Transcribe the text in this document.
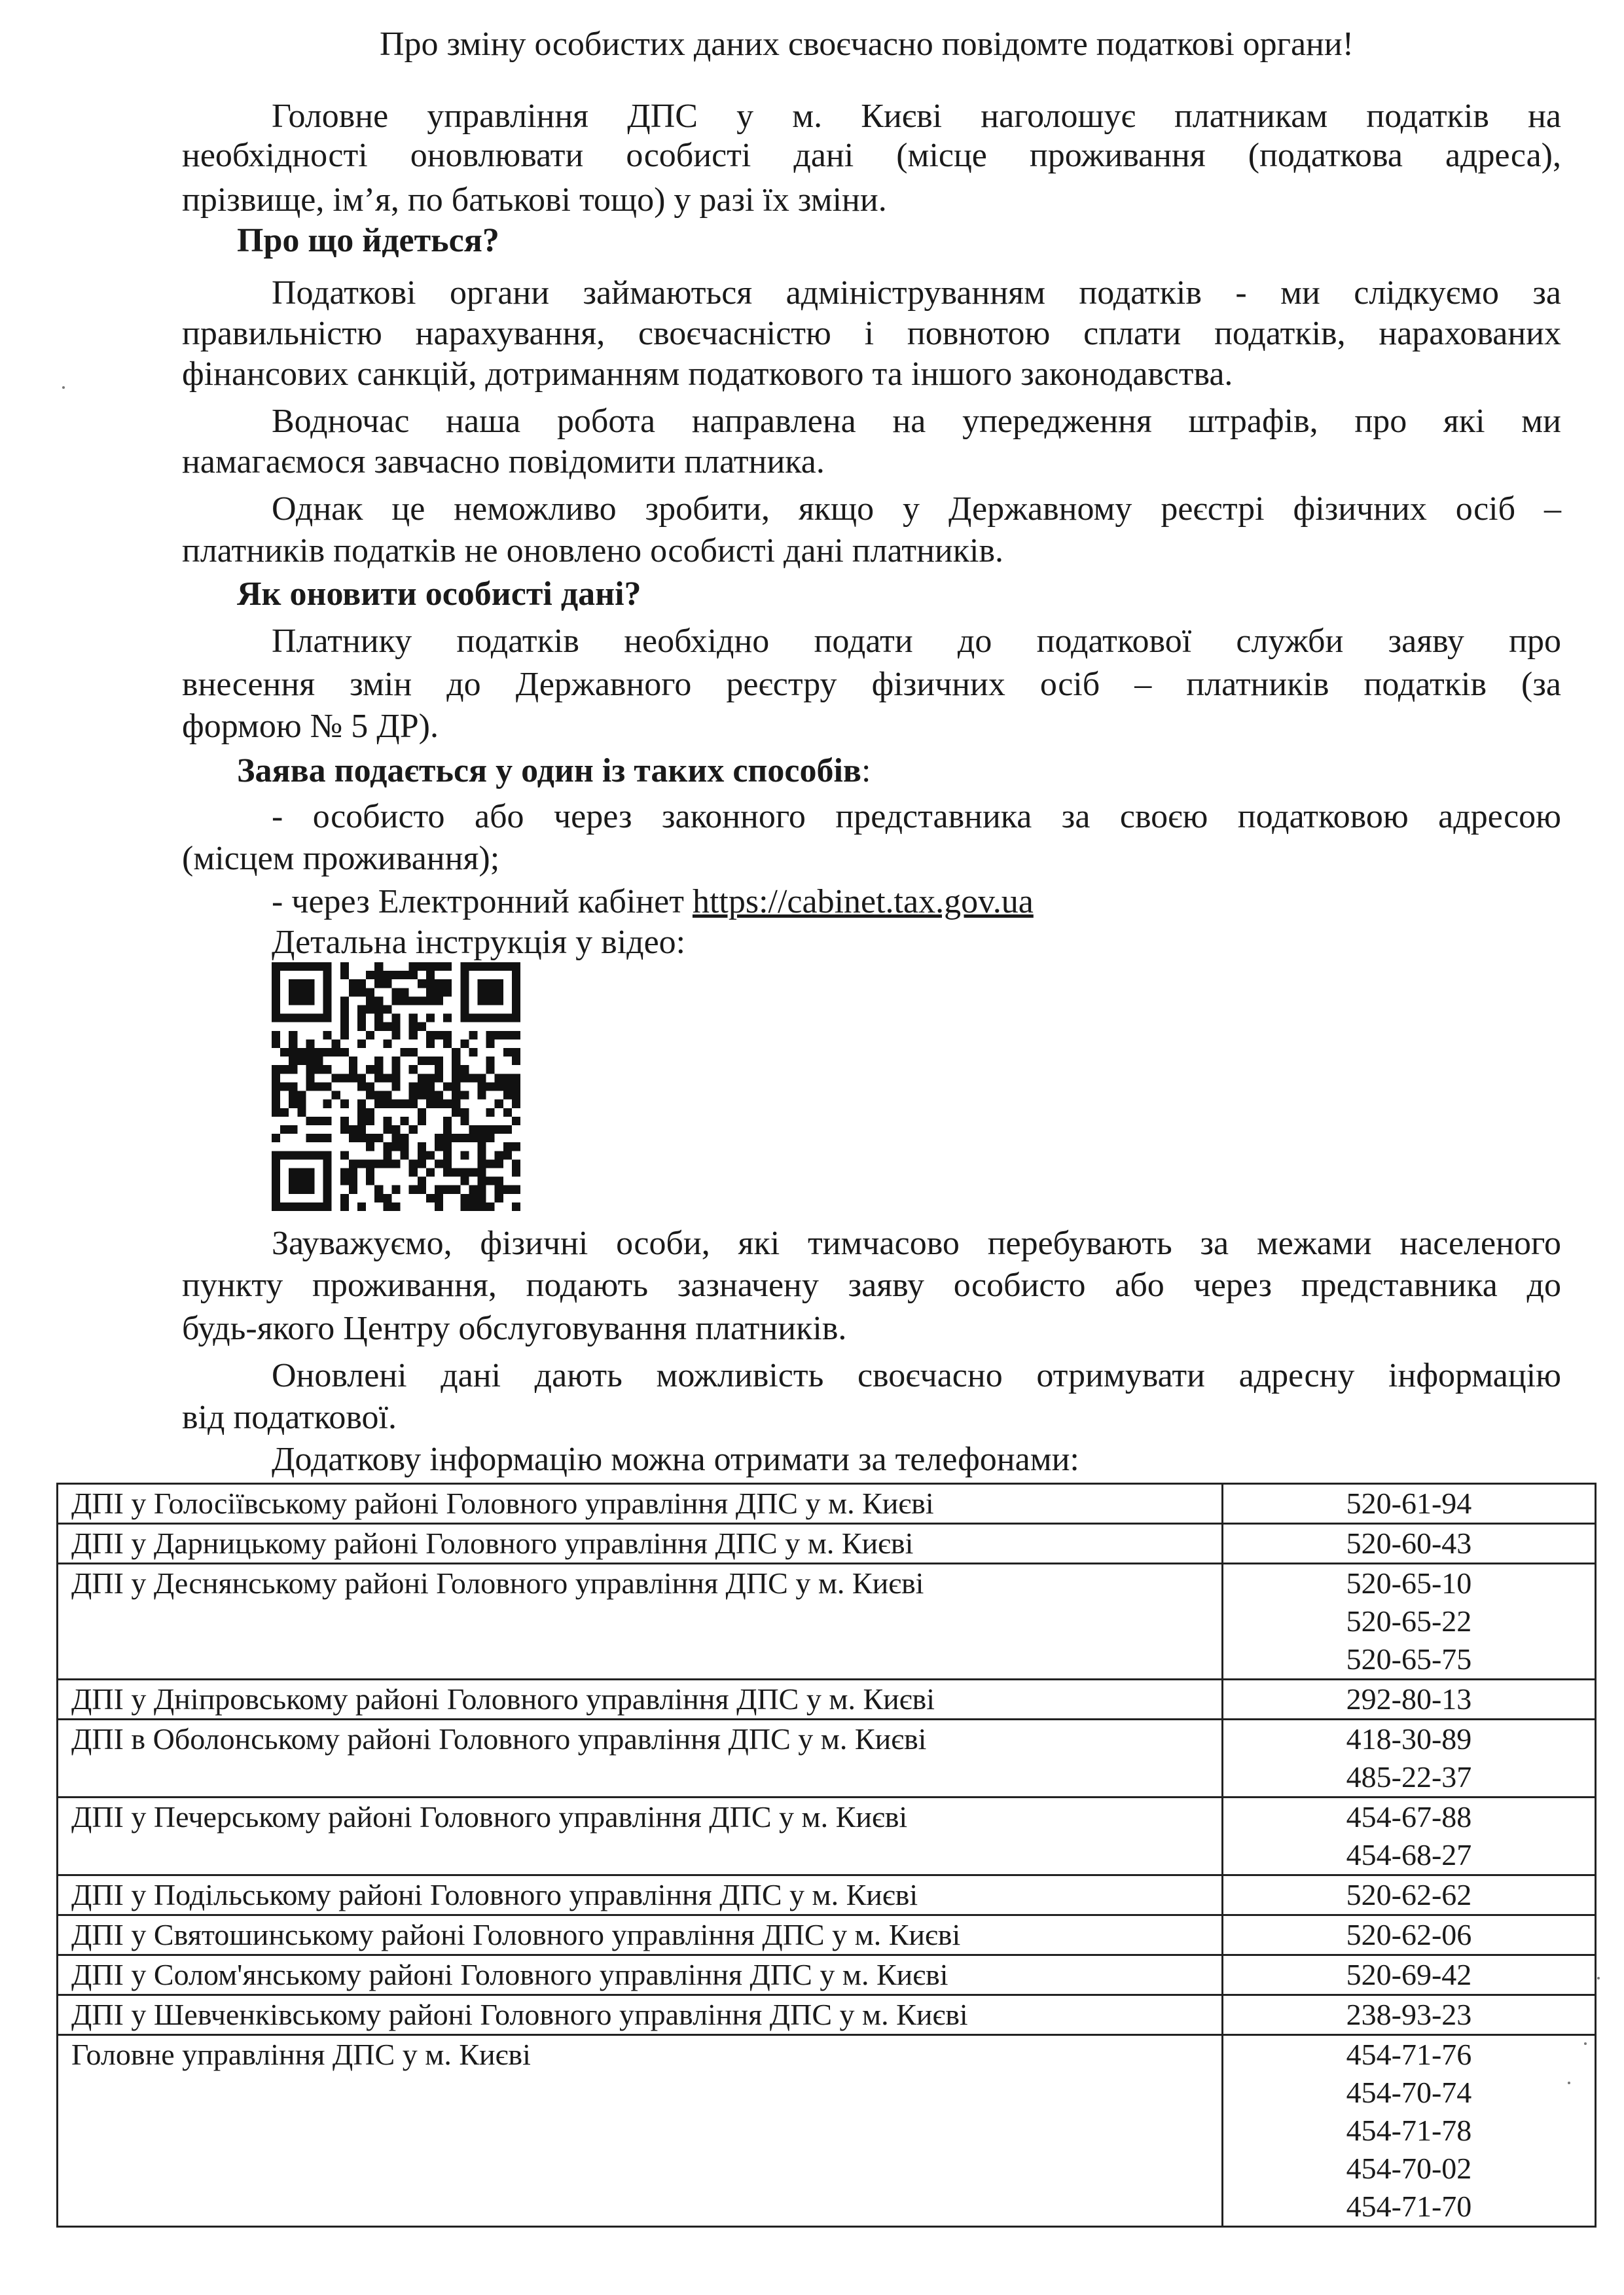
Про зміну особистих даних своєчасно повідомте податкові органи!
Головне управління ДПС у м. Києві наголошує платникам податків на
необхідності оновлювати особисті дані (місце проживання (податкова адреса),
прізвище, ім’я, по батькові тощо) у разі їх зміни.
Про що йдеться?
Податкові органи займаються адмініструванням податків - ми слідкуємо за
правильністю нарахування, своєчасністю і повнотою сплати податків, нарахованих
фінансових санкцій, дотриманням податкового та іншого законодавства.
Водночас наша робота направлена на упередження штрафів, про які ми
намагаємося завчасно повідомити платника.
Однак це неможливо зробити, якщо у Державному реєстрі фізичних осіб –
платників податків не оновлено особисті дані платників.
Як оновити особисті дані?
Платнику податків необхідно подати до податкової служби заяву про
внесення змін до Державного реєстру фізичних осіб – платників податків (за
формою № 5 ДР).
Заява подається у один із таких способів:
- особисто або через законного представника за своєю податковою адресою
(місцем проживання);
- через Електронний кабінет https://cabinet.tax.gov.ua
Детальна інструкція у відео:
Зауважуємо, фізичні особи, які тимчасово перебувають за межами населеного
пункту проживання, подають зазначену заяву особисто або через представника до
будь-якого Центру обслуговування платників.
Оновлені дані дають можливість своєчасно отримувати адресну інформацію
від податкової.
Додаткову інформацію можна отримати за телефонами:
ДПІ у Голосіївському районі Головного управління ДПС у м. Києві	520-61-94

ДПІ у Дарницькому районі Головного управління ДПС у м. Києві	520-60-43

ДПІ у Деснянському районі Головного управління ДПС у м. Києві	520-65-10
520-65-22
520-65-75

ДПІ у Дніпровському районі Головного управління ДПС у м. Києві	292-80-13

ДПІ в Оболонському районі Головного управління ДПС у м. Києві	418-30-89
485-22-37

ДПІ у Печерському районі Головного управління ДПС у м. Києві	454-67-88
454-68-27

ДПІ у Подільському районі Головного управління ДПС у м. Києві	520-62-62

ДПІ у Святошинському районі Головного управління ДПС у м. Києві	520-62-06

ДПІ у Солом'янському районі Головного управління ДПС у м. Києві	520-69-42

ДПІ у Шевченківському районі Головного управління ДПС у м. Києві	238-93-23

Головне управління ДПС у м. Києві	454-71-76
454-70-74
454-71-78
454-70-02
454-71-70
